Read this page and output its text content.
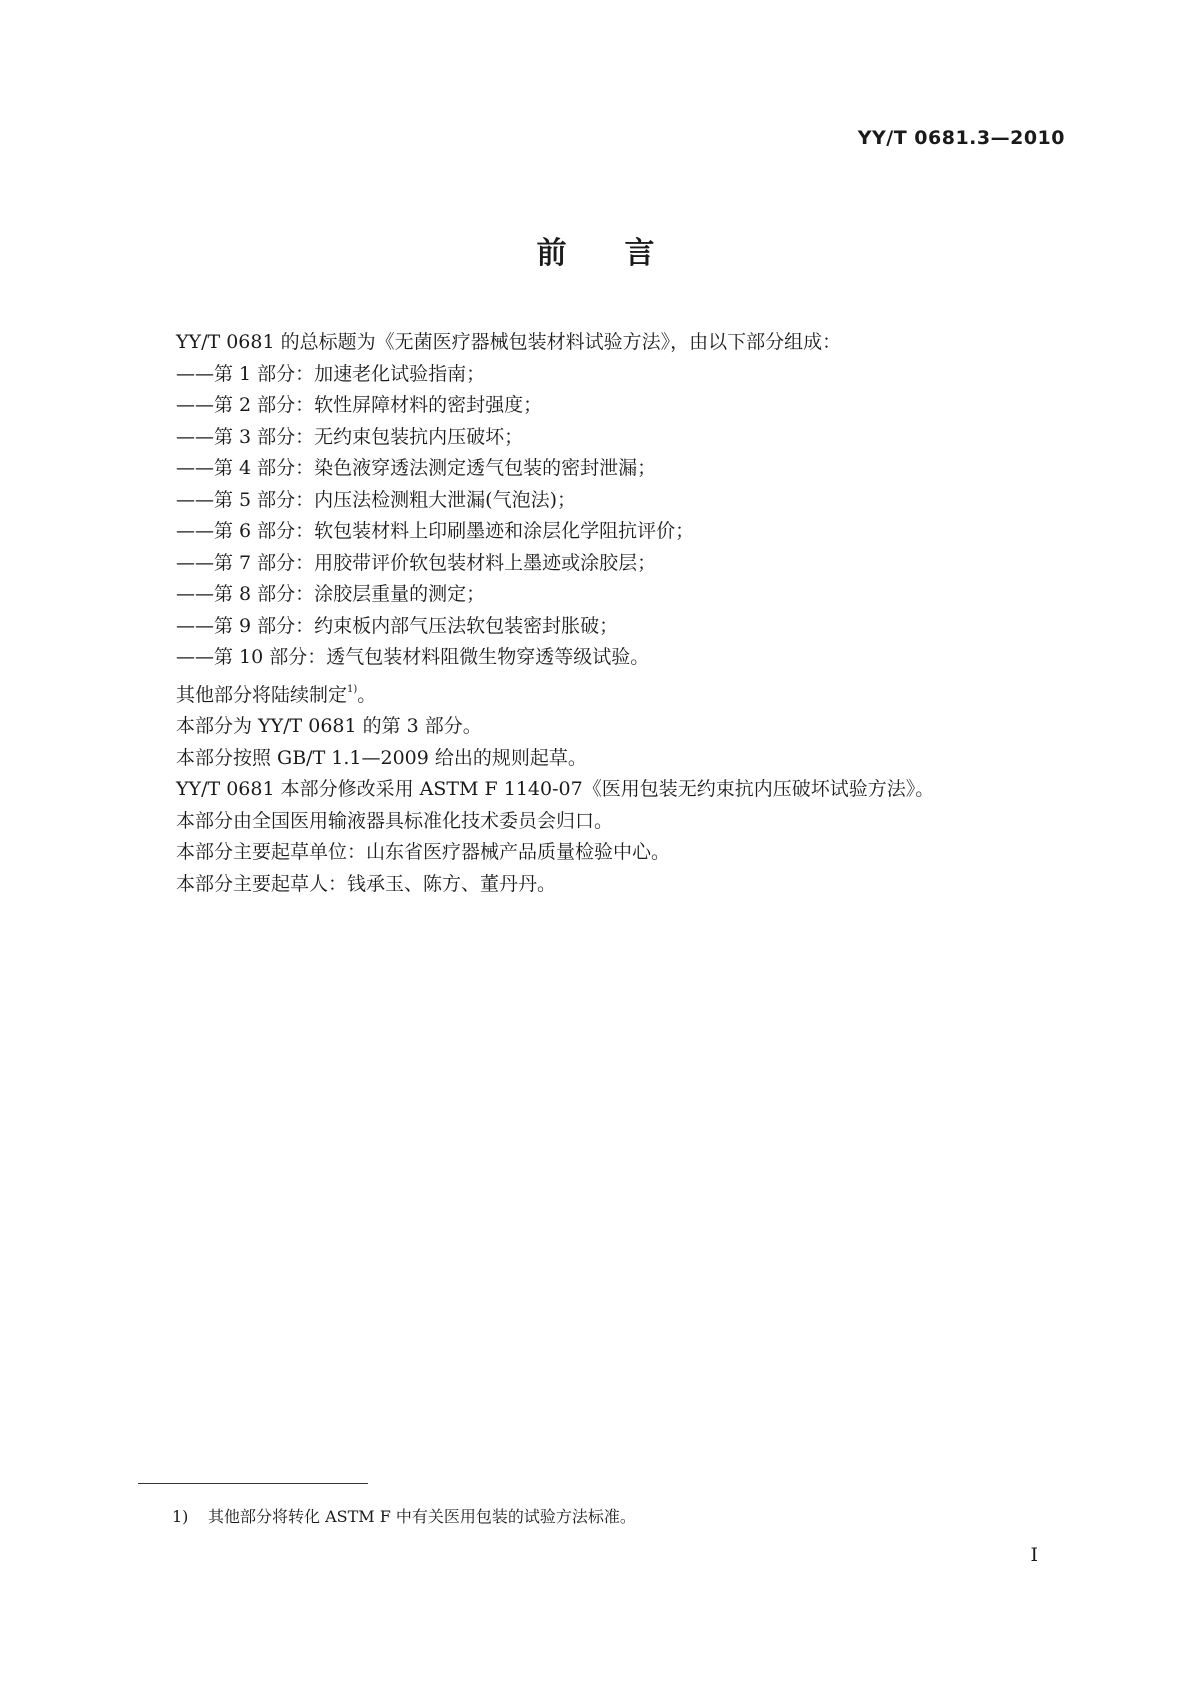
YY/T 0681.3—2010
前言
YY/T 0681 的总标题为《无菌医疗器械包装材料试验方法》，由以下部分组成：
——第 1 部分：加速老化试验指南；
——第 2 部分：软性屏障材料的密封强度；
——第 3 部分：无约束包装抗内压破坏；
——第 4 部分：染色液穿透法测定透气包装的密封泄漏；
——第 5 部分：内压法检测粗大泄漏(气泡法)；
——第 6 部分：软包装材料上印刷墨迹和涂层化学阻抗评价；
——第 7 部分：用胶带评价软包装材料上墨迹或涂胶层；
——第 8 部分：涂胶层重量的测定；
——第 9 部分：约束板内部气压法软包装密封胀破；
——第 10 部分：透气包装材料阻微生物穿透等级试验。
其他部分将陆续制定$^{1)}$。
本部分为 YY/T 0681 的第 3 部分。
本部分按照 GB/T 1.1—2009 给出的规则起草。
YY/T 0681 本部分修改采用 ASTM F 1140-07《医用包装无约束抗内压破坏试验方法》。
本部分由全国医用输液器具标准化技术委员会归口。
本部分主要起草单位：山东省医疗器械产品质量检验中心。
本部分主要起草人：钱承玉、陈方、董丹丹。
1) 其他部分将转化 ASTM F 中有关医用包装的试验方法标准。
I
